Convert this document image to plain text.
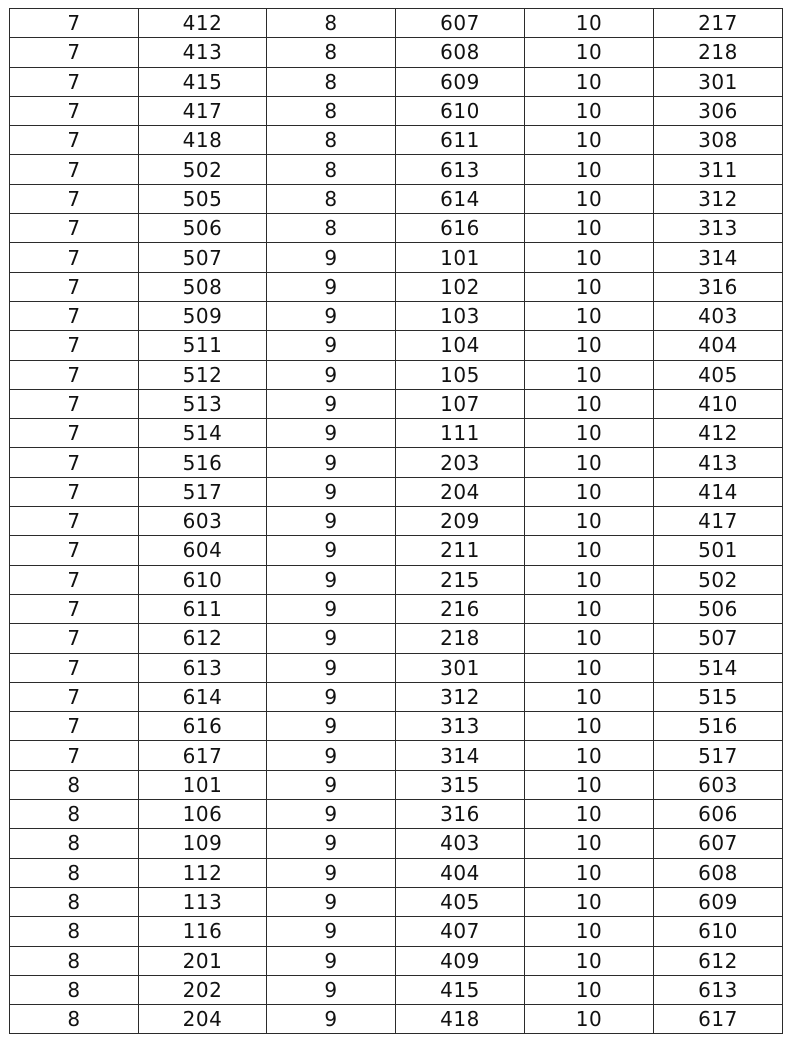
7	412	8	607	10	217
7	413	8	608	10	218
7	415	8	609	10	301
7	417	8	610	10	306
7	418	8	611	10	308
7	502	8	613	10	311
7	505	8	614	10	312
7	506	8	616	10	313
7	507	9	101	10	314
7	508	9	102	10	316
7	509	9	103	10	403
7	511	9	104	10	404
7	512	9	105	10	405
7	513	9	107	10	410
7	514	9	111	10	412
7	516	9	203	10	413
7	517	9	204	10	414
7	603	9	209	10	417
7	604	9	211	10	501
7	610	9	215	10	502
7	611	9	216	10	506
7	612	9	218	10	507
7	613	9	301	10	514
7	614	9	312	10	515
7	616	9	313	10	516
7	617	9	314	10	517
8	101	9	315	10	603
8	106	9	316	10	606
8	109	9	403	10	607
8	112	9	404	10	608
8	113	9	405	10	609
8	116	9	407	10	610
8	201	9	409	10	612
8	202	9	415	10	613
8	204	9	418	10	617
